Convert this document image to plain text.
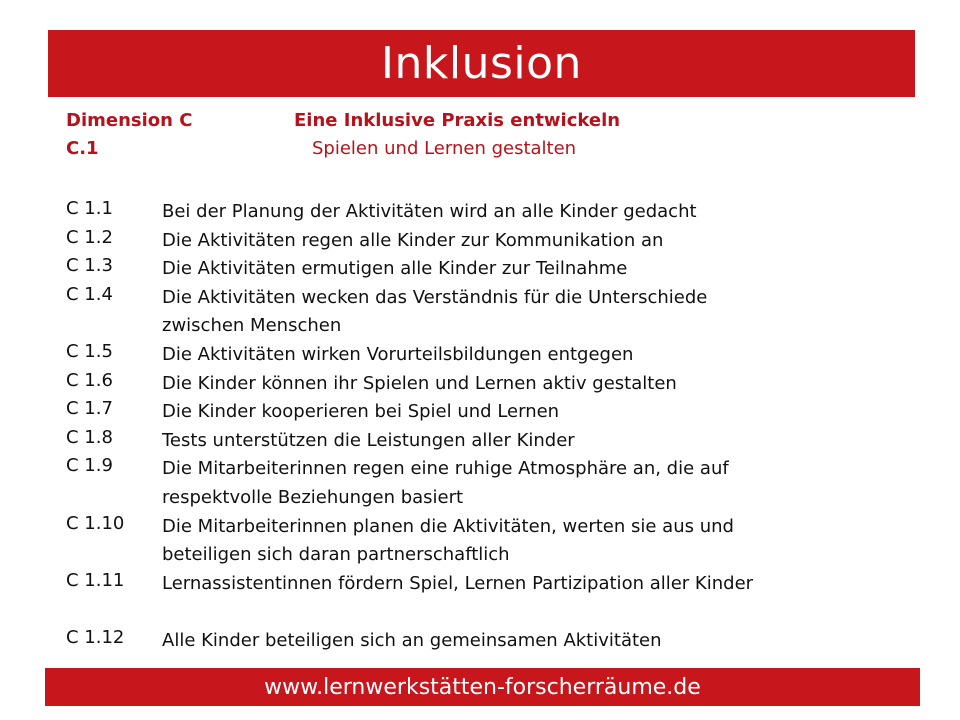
Inklusion
Dimension C	Eine Inklusive Praxis entwickeln
C.1	Spielen und Lernen gestalten
C 1.1	Bei der Planung der Aktivitäten wird an alle Kinder gedacht
C 1.2	Die Aktivitäten regen alle Kinder zur Kommunikation an
C 1.3	Die Aktivitäten ermutigen alle Kinder zur Teilnahme
C 1.4	Die Aktivitäten wecken das Verständnis für die Unterschiede zwischen Menschen
C 1.5	Die Aktivitäten wirken Vorurteilsbildungen entgegen
C 1.6	Die Kinder können ihr Spielen und Lernen aktiv gestalten
C 1.7	Die Kinder kooperieren bei Spiel und Lernen
C 1.8	Tests unterstützen die Leistungen aller Kinder
C 1.9	Die Mitarbeiterinnen regen eine ruhige Atmosphäre an, die auf respektvolle Beziehungen basiert
C 1.10 Die Mitarbeiterinnen planen die Aktivitäten, werten sie aus und beteiligen sich daran partnerschaftlich
C 1.11 Lernassistentinnen fördern Spiel, Lernen Partizipation aller Kinder
C 1.12 Alle Kinder beteiligen sich an gemeinsamen Aktivitäten
www.lernwerkstätten-forscherräume.de
